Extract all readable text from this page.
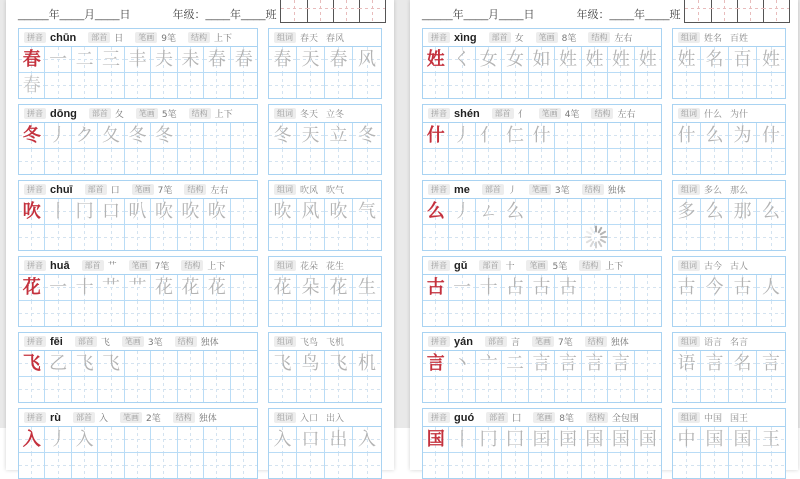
_____年____月____日	年级：____年____班
拼音 chūn	部首 日	笔画 9笔	结构 上下
春 一 二 三 丰 夫 未 春 春
春
组词 春天 春风
春 天 春 风
拼音 dōng	部首 夂	笔画 5笔	结构 上下
冬 丿 ク 夂 冬 冬
组词 冬天 立冬
冬 天 立 冬
拼音 chuī	部首 口	笔画 7笔	结构 左右
吹 丨 冂 口 叭 吹 吹 吹
组词 吹风 吹气
吹 风 吹 气
拼音 huā	部首 艹	笔画 7笔	结构 上下
花 一 十 艹 艹 花 花 花
组词 花朵 花生
花 朵 花 生
拼音 fēi	部首 飞	笔画 3笔	结构 独体
飞 乙 飞 飞
组词 飞鸟 飞机
飞 鸟 飞 机
拼音 rù	部首 入	笔画 2笔	结构 独体
入 丿 入
组词 入口 出入
入 口 出 入
_____年____月____日	年级：____年____班
拼音 xìng	部首 女	笔画 8笔	结构 左右
姓 く 女 女 如 姓 姓 姓 姓
组词 姓名 百姓
姓 名 百 姓
拼音 shén	部首 亻	笔画 4笔	结构 左右
什 丿 亻 仁 什
组词 什么 为什
什 么 为 什
拼音 me	部首 丿	笔画 3笔	结构 独体
么 丿 ㄥ 么
组词 多么 那么
多 么 那 么
拼音 gǔ	部首 十	笔画 5笔	结构 上下
古 一 十 占 古 古
组词 古今 古人
古 今 古 人
拼音 yán	部首 言	笔画 7笔	结构 独体
言 丶 亠 二 言 言 言 言
组词 语言 名言
语 言 名 言
拼音 guó	部首 囗	笔画 8笔	结构 全包围
国 丨 冂 囗 囯 囯 国 国 国
组词 中国 国王
中 国 国 王
